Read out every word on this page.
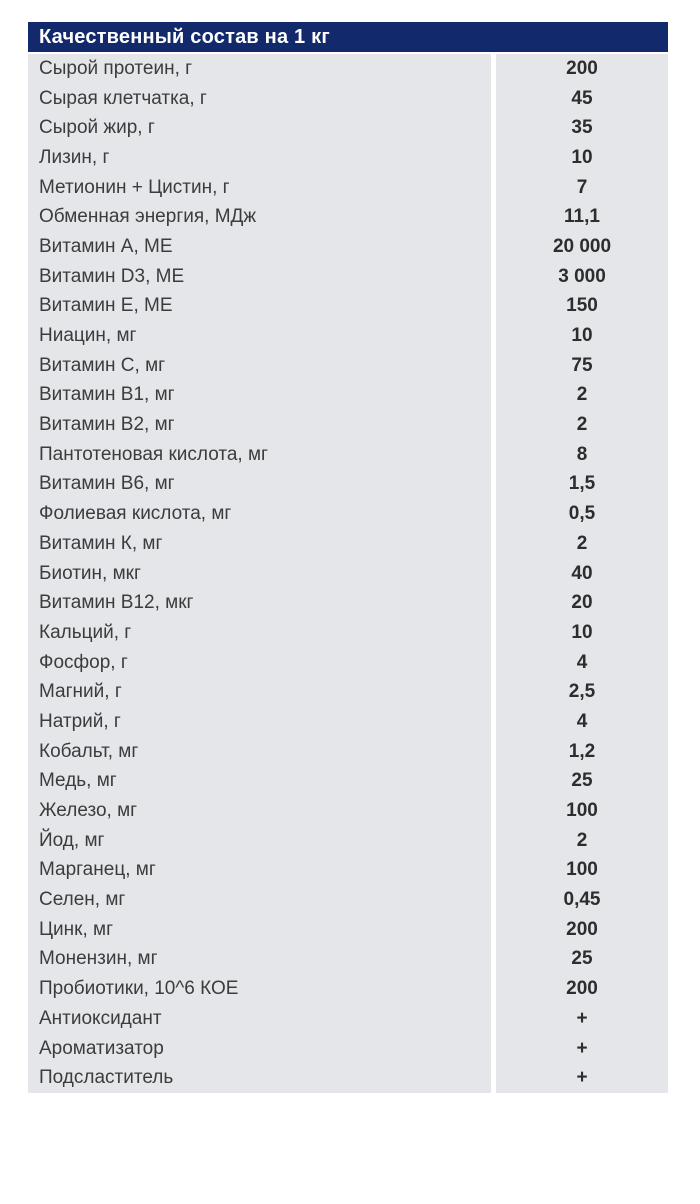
Качественный состав на 1 кг
Сырой протеин, г	200
Сырая клетчатка, г	45
Сырой жир, г	35
Лизин, г	10
Метионин + Цистин, г	7
Обменная энергия, МДж	11,1
Витамин А, МЕ	20 000
Витамин D3, МЕ	3 000
Витамин Е, МЕ	150
Ниацин, мг	10
Витамин С, мг	75
Витамин В1, мг	2
Витамин В2, мг	2
Пантотеновая кислота, мг	8
Витамин В6, мг	1,5
Фолиевая кислота, мг	0,5
Витамин К, мг	2
Биотин, мкг	40
Витамин В12, мкг	20
Кальций, г	10
Фосфор, г	4
Магний, г	2,5
Натрий, г	4
Кобальт, мг	1,2
Медь, мг	25
Железо, мг	100
Йод, мг	2
Марганец, мг	100
Селен, мг	0,45
Цинк, мг	200
Монензин, мг	25
Пробиотики, 10^6 КОЕ	200
Антиоксидант	+
Ароматизатор	+
Подсластитель	+
